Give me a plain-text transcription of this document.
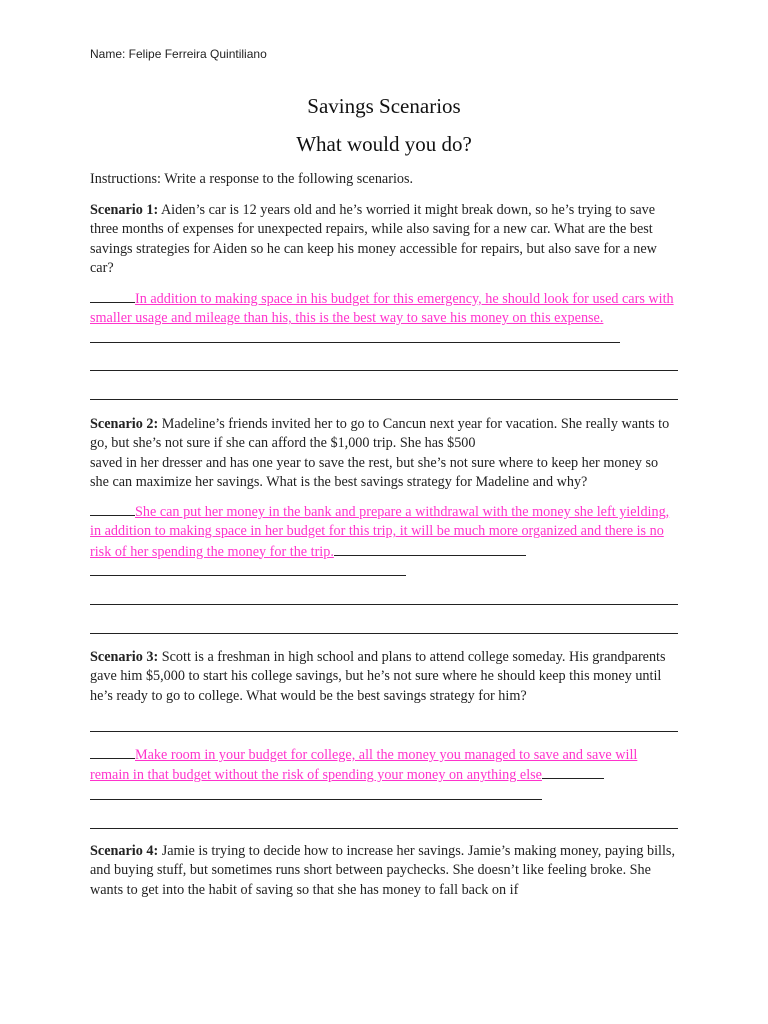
Name: Felipe Ferreira Quintiliano
Savings Scenarios
What would you do?
Instructions: Write a response to the following scenarios.
Scenario 1: Aiden’s car is 12 years old and he’s worried it might break down, so he’s trying to save three months of expenses for unexpected repairs, while also saving for a new car. What are the best savings strategies for Aiden so he can keep his money accessible for repairs, but also save for a new car?
In addition to making space in his budget for this emergency, he should look for used cars with smaller usage and mileage than his, this is the best way to save his money on this expense.
Scenario 2: Madeline’s friends invited her to go to Cancun next year for vacation. She really wants to go, but she’s not sure if she can afford the $1,000 trip. She has $500
saved in her dresser and has one year to save the rest, but she’s not sure where to keep her money so she can maximize her savings. What is the best savings strategy for Madeline and why?
She can put her money in the bank and prepare a withdrawal with the money she left yielding, in addition to making space in her budget for this trip, it will be much more organized and there is no risk of her spending the money for the trip.
Scenario 3: Scott is a freshman in high school and plans to attend college someday. His grandparents gave him $5,000 to start his college savings, but he’s not sure where he should keep this money until he’s ready to go to college. What would be the best savings strategy for him?
Make room in your budget for college, all the money you managed to save and save will remain in that budget without the risk of spending your money on anything else
Scenario 4: Jamie is trying to decide how to increase her savings. Jamie’s making money, paying bills, and buying stuff, but sometimes runs short between paychecks. She doesn’t like feeling broke. She wants to get into the habit of saving so that she has money to fall back on if
